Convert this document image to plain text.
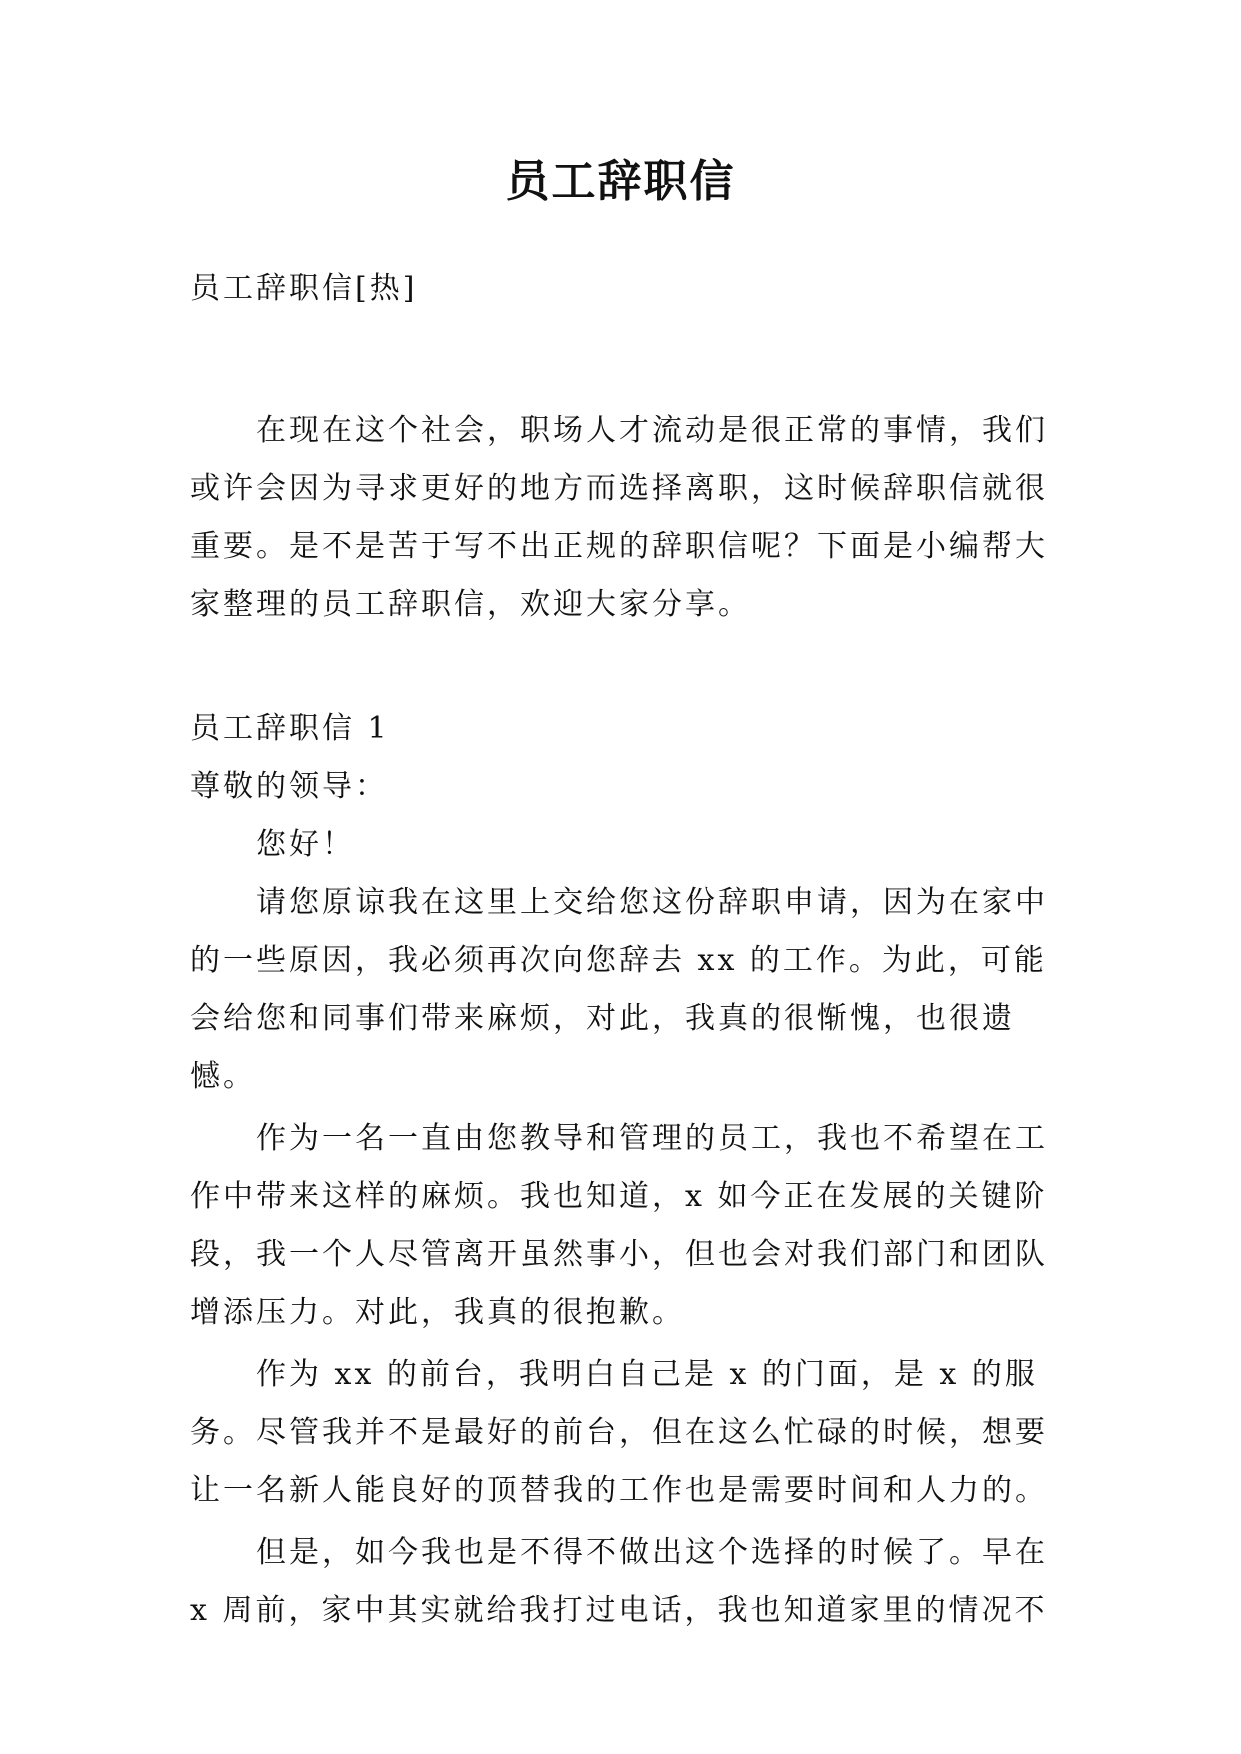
员工辞职信

员工辞职信[热]

在现在这个社会，职场人才流动是很正常的事情，我们或许会因为寻求更好的地方而选择离职，这时候辞职信就很重要。是不是苦于写不出正规的辞职信呢？下面是小编帮大家整理的员工辞职信，欢迎大家分享。

员工辞职信 1

尊敬的领导：

您好！

请您原谅我在这里上交给您这份辞职申请，因为在家中的一些原因，我必须再次向您辞去 xx 的工作。为此，可能会给您和同事们带来麻烦，对此，我真的很惭愧，也很遗憾。

作为一名一直由您教导和管理的员工，我也不希望在工作中带来这样的麻烦。我也知道，x 如今正在发展的关键阶段，我一个人尽管离开虽然事小，但也会对我们部门和团队增添压力。对此，我真的很抱歉。

作为 xx 的前台，我明白自己是 x 的门面，是 x 的服务。尽管我并不是最好的前台，但在这么忙碌的时候，想要让一名新人能良好的顶替我的工作也是需要时间和人力的。

但是，如今我也是不得不做出这个选择的时候了。早在 x 周前，家中其实就给我打过电话，我也知道家里的情况不
